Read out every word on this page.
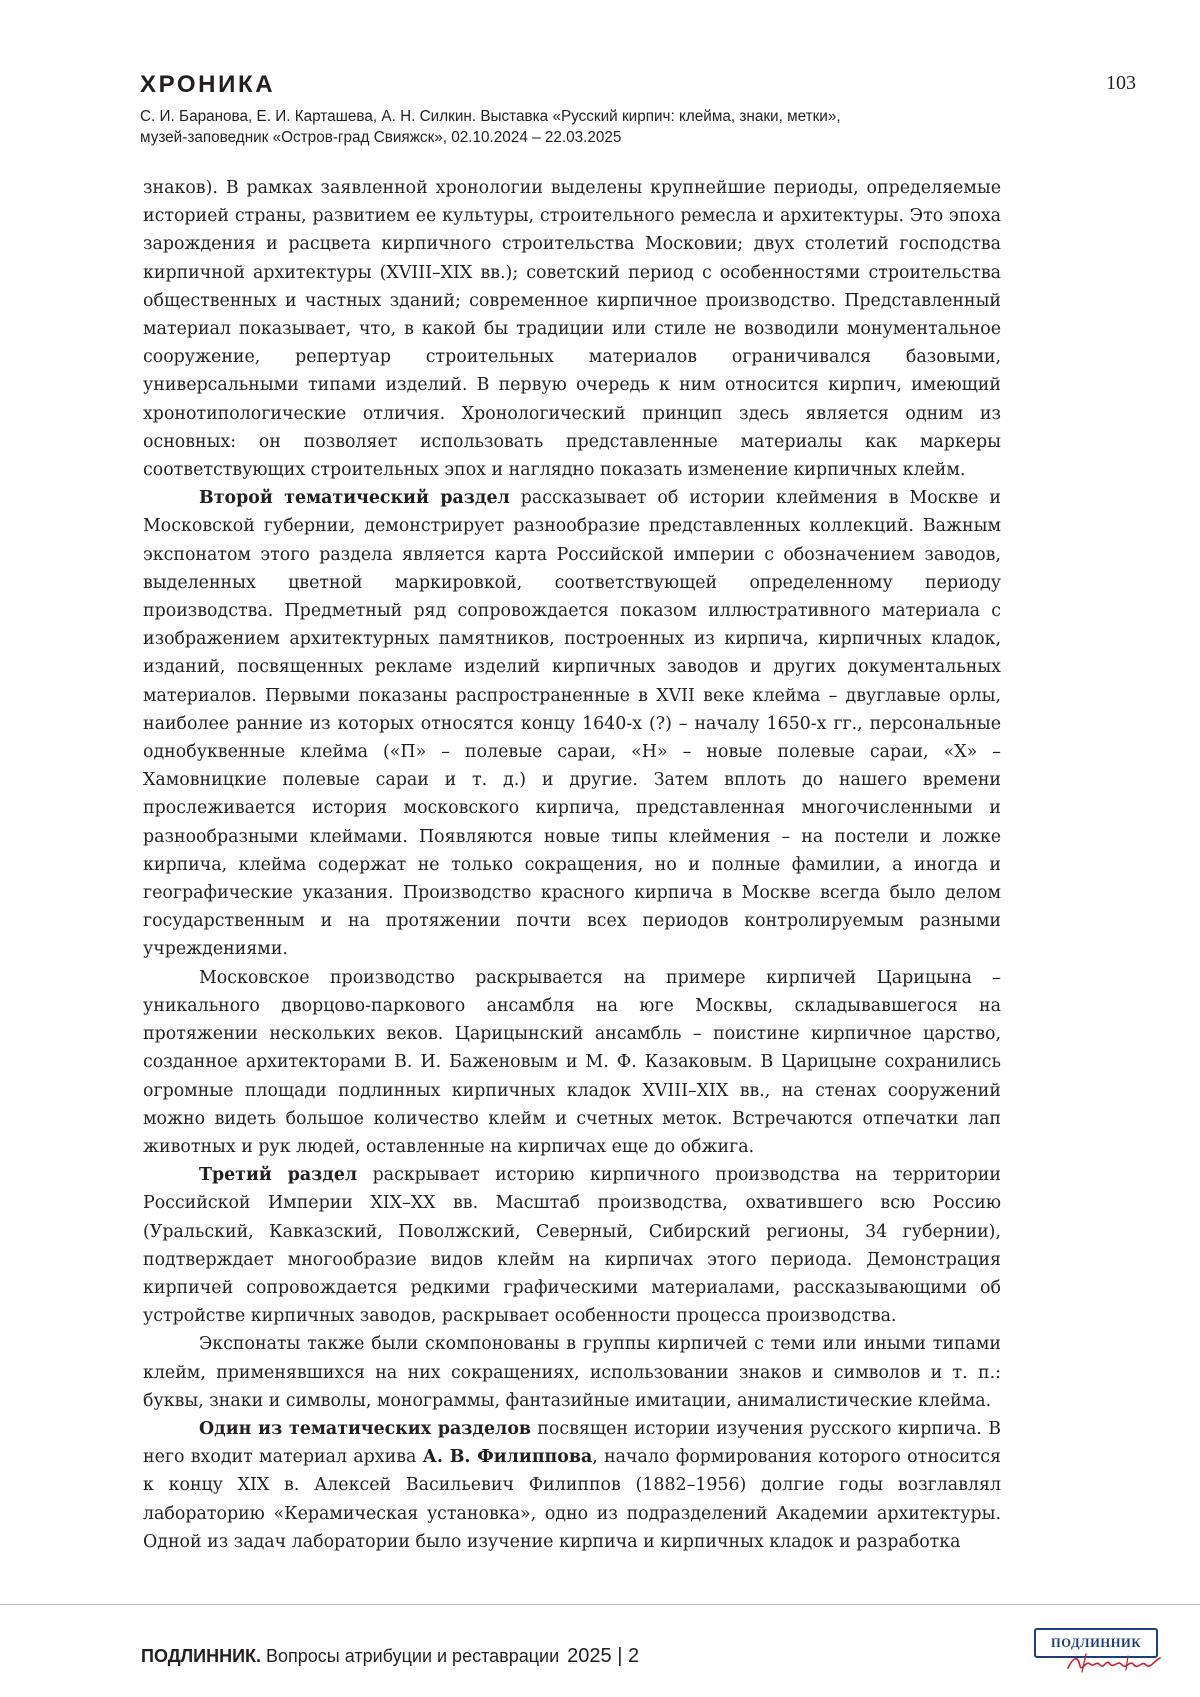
ХРОНИКА
С. И. Баранова, Е. И. Карташева, А. Н. Силкин. Выставка «Русский кирпич: клейма, знаки, метки»,
музей-заповедник «Остров-град Свияжск», 02.10.2024 – 22.03.2025
103

знаков). В рамках заявленной хронологии выделены крупнейшие периоды, определяемые историей страны, развитием ее культуры, строительного ремесла и архитектуры. Это эпоха зарождения и расцвета кирпичного строительства Московии; двух столетий господства кирпичной архитектуры (XVIII–XIX вв.); советский период с особенностями строительства общественных и частных зданий; современное кирпичное производство. Представленный материал показывает, что, в какой бы традиции или стиле не возводили монументальное сооружение, репертуар строительных материалов ограничивался базовыми, универсальными типами изделий. В первую очередь к ним относится кирпич, имеющий хронотипологические отличия. Хронологический принцип здесь является одним из основных: он позволяет использовать представленные материалы как маркеры соответствующих строительных эпох и наглядно показать изменение кирпичных клейм.

Второй тематический раздел рассказывает об истории клеймения в Москве и Московской губернии, демонстрирует разнообразие представленных коллекций. Важным экспонатом этого раздела является карта Российской империи с обозначением заводов, выделенных цветной маркировкой, соответствующей определенному периоду производства. Предметный ряд сопровождается показом иллюстративного материала с изображением архитектурных памятников, построенных из кирпича, кирпичных кладок, изданий, посвященных рекламе изделий кирпичных заводов и других документальных материалов. Первыми показаны распространенные в XVII веке клейма – двуглавые орлы, наиболее ранние из которых относятся концу 1640-х (?) – началу 1650-х гг., персональные однобуквенные клейма («П» – полевые сараи, «Н» – новые полевые сараи, «Х» – Хамовницкие полевые сараи и т. д.) и другие. Затем вплоть до нашего времени прослеживается история московского кирпича, представленная многочисленными и разнообразными клеймами. Появляются новые типы клеймения – на постели и ложке кирпича, клейма содержат не только сокращения, но и полные фамилии, а иногда и географические указания. Производство красного кирпича в Москве всегда было делом государственным и на протяжении почти всех периодов контролируемым разными учреждениями.

Московское производство раскрывается на примере кирпичей Царицына – уникального дворцово-паркового ансамбля на юге Москвы, складывавшегося на протяжении нескольких веков. Царицынский ансамбль – поистине кирпичное царство, созданное архитекторами В. И. Баженовым и М. Ф. Казаковым. В Царицыне сохранились огромные площади подлинных кирпичных кладок XVIII–XIX вв., на стенах сооружений можно видеть большое количество клейм и счетных меток. Встречаются отпечатки лап животных и рук людей, оставленные на кирпичах еще до обжига.

Третий раздел раскрывает историю кирпичного производства на территории Российской Империи XIX–XX вв. Масштаб производства, охватившего всю Россию (Уральский, Кавказский, Поволжский, Северный, Сибирский регионы, 34 губернии), подтверждает многообразие видов клейм на кирпичах этого периода. Демонстрация кирпичей сопровождается редкими графическими материалами, рассказывающими об устройстве кирпичных заводов, раскрывает особенности процесса производства.

Экспонаты также были скомпонованы в группы кирпичей с теми или иными типами клейм, применявшихся на них сокращениях, использовании знаков и символов и т. п.: буквы, знаки и символы, монограммы, фантазийные имитации, анималистические клейма.

Один из тематических разделов посвящен истории изучения русского кирпича. В него входит материал архива А. В. Филиппова, начало формирования которого относится к концу XIX в. Алексей Васильевич Филиппов (1882–1956) долгие годы возглавлял лабораторию «Керамическая установка», одно из подразделений Академии архитектуры. Одной из задач лаборатории было изучение кирпича и кирпичных кладок и разработка

ПОДЛИННИК. Вопросы атрибуции и реставрации 2025 | 2
ПОДЛИННИК
